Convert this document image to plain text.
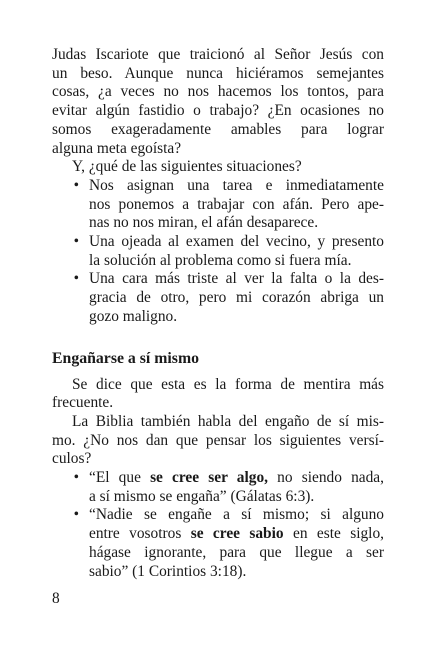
Judas Iscariote que traicionó al Señor Jesús con
un beso. Aunque nunca hiciéramos semejantes
cosas, ¿a veces no nos hacemos los tontos, para
evitar algún fastidio o trabajo? ¿En ocasiones no
somos exageradamente amables para lograr
alguna meta egoísta?
Y, ¿qué de las siguientes situaciones?
• Nos asignan una tarea e inmediatamente
nos ponemos a trabajar con afán. Pero ape-
nas no nos miran, el afán desaparece.
• Una ojeada al examen del vecino, y presento
la solución al problema como si fuera mía.
• Una cara más triste al ver la falta o la des-
gracia de otro, pero mi corazón abriga un
gozo maligno.
Engañarse a sí mismo
Se dice que esta es la forma de mentira más
frecuente.
La Biblia también habla del engaño de sí mis-
mo. ¿No nos dan que pensar los siguientes versí-
culos?
• “El que se cree ser algo, no siendo nada,
a sí mismo se engaña” (Gálatas 6:3).
• “Nadie se engañe a sí mismo; si alguno
entre vosotros se cree sabio en este siglo,
hágase ignorante, para que llegue a ser
sabio” (1 Corintios 3:18).
8
